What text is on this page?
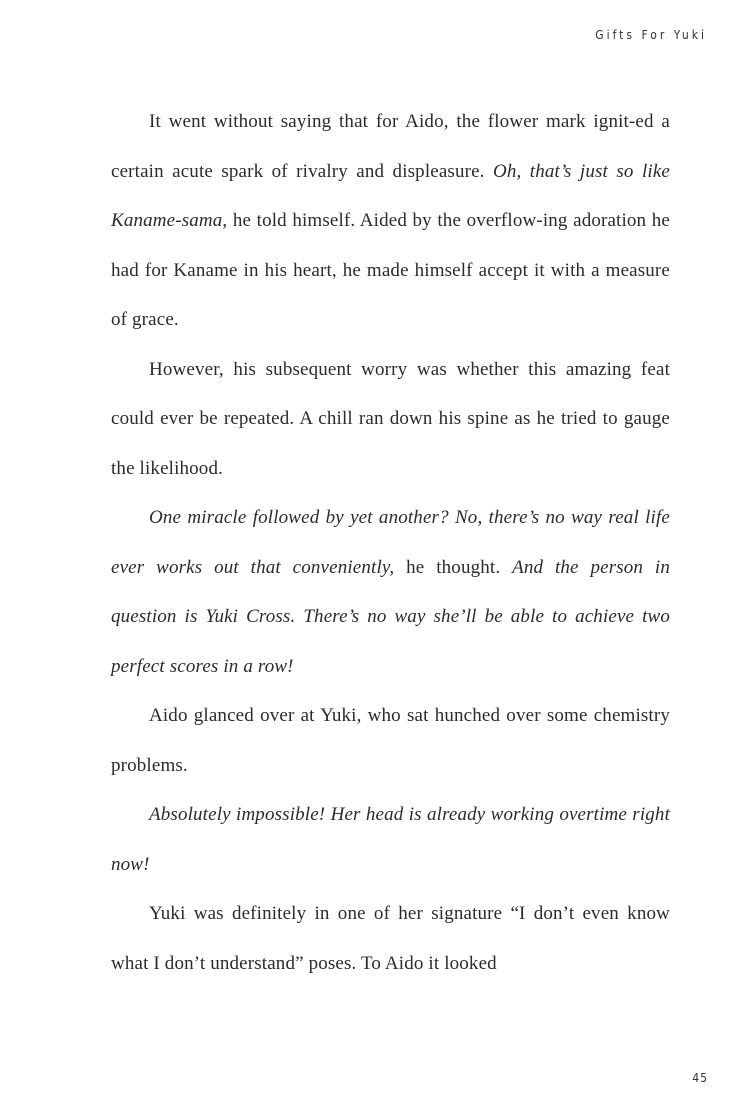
Gifts For Yuki

It went without saying that for Aido, the flower mark ignit-ed a certain acute spark of rivalry and displeasure. Oh, that’s just so like Kaname-sama, he told himself. Aided by the overflow-ing adoration he had for Kaname in his heart, he made himself accept it with a measure of grace.

However, his subsequent worry was whether this amazing feat could ever be repeated. A chill ran down his spine as he tried to gauge the likelihood.

One miracle followed by yet another? No, there’s no way real life ever works out that conveniently, he thought. And the person in question is Yuki Cross. There’s no way she’ll be able to achieve two perfect scores in a row!

Aido glanced over at Yuki, who sat hunched over some chemistry problems.

Absolutely impossible! Her head is already working overtime right now!

Yuki was definitely in one of her signature “I don’t even know what I don’t understand” poses. To Aido it looked

45
